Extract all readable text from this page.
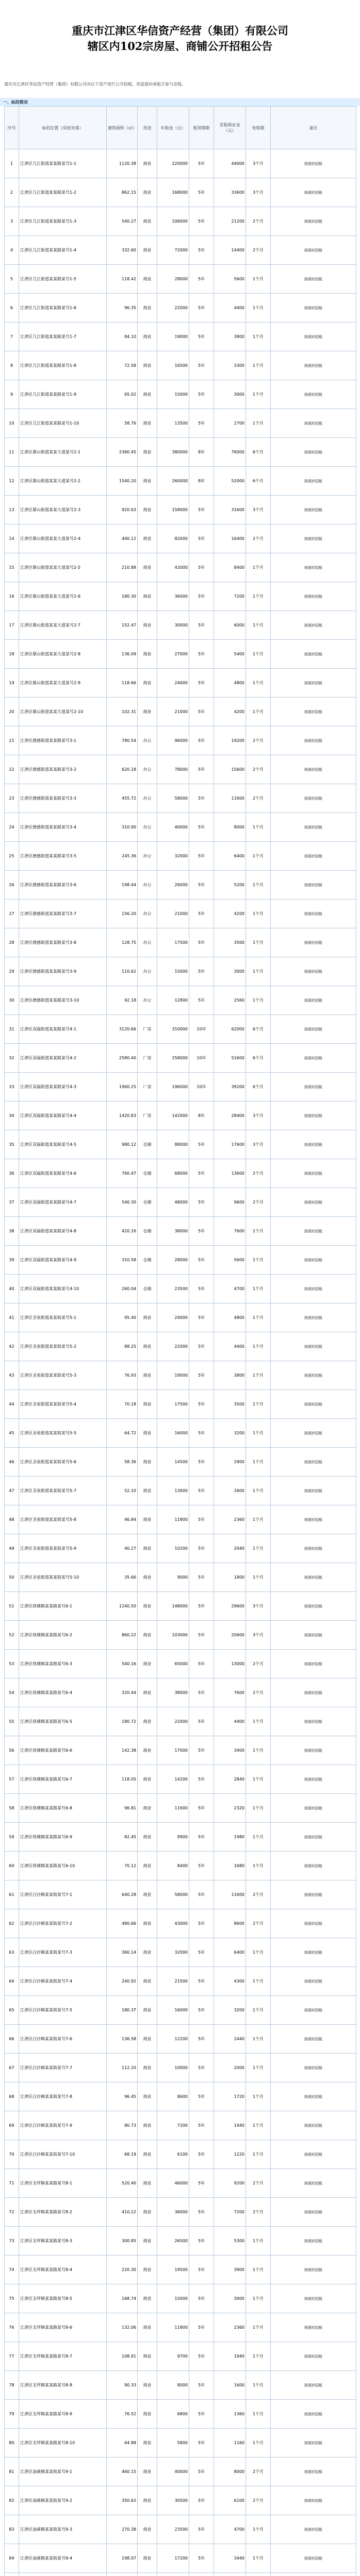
重庆市江津区华信资产经营（集团）有限公司
辖区内102宗房屋、商铺公开招租公告
重庆市江津区华信资产经营（集团）有限公司对以下资产进行公开招租，欢迎意向承租方参与竞租。
一、标的简况
序号	标的位置（房屋坐落）	建筑面积（㎡）	用途	年租金（元）	租赁期限	竞租保证金（元）	免租期	备注
1	江津区几江街道某某路某号1-1	1120.38	商业	220000	5年	44000	3个月	按现状招租
2	江津区几江街道某某路某号1-2	862.15	商业	168000	5年	33600	3个月	按现状招租
3	江津区几江街道某某路某号1-3	540.27	商业	106000	5年	21200	2个月	按现状招租
4	江津区几江街道某某路某号1-4	332.60	商业	72000	5年	14400	2个月	按现状招租
5	江津区几江街道某某路某号1-5	118.42	商业	28000	5年	5600	1个月	按现状招租
6	江津区几江街道某某路某号1-6	96.35	商业	22000	5年	4400	1个月	按现状招租
7	江津区几江街道某某路某号1-7	84.10	商业	19000	5年	3800	1个月	按现状招租
8	江津区几江街道某某路某号1-8	72.58	商业	16500	5年	3300	1个月	按现状招租
9	江津区几江街道某某路某号1-9	65.02	商业	15000	5年	3000	1个月	按现状招租
10	江津区几江街道某某路某号1-10	58.76	商业	13500	5年	2700	1个月	按现状招租
11	江津区鼎山街道某某大道某号2-1	2360.45	商业	380000	8年	76000	6个月	按现状招租
12	江津区鼎山街道某某大道某号2-2	1540.20	商业	260000	8年	52000	6个月	按现状招租
13	江津区鼎山街道某某大道某号2-3	920.63	商业	158000	5年	31600	3个月	按现状招租
14	江津区鼎山街道某某大道某号2-4	440.12	商业	82000	5年	16400	2个月	按现状招租
15	江津区鼎山街道某某大道某号2-5	210.88	商业	42000	5年	8400	1个月	按现状招租
16	江津区鼎山街道某某大道某号2-6	180.30	商业	36000	5年	7200	1个月	按现状招租
17	江津区鼎山街道某某大道某号2-7	152.47	商业	30000	5年	6000	1个月	按现状招租
18	江津区鼎山街道某某大道某号2-8	136.09	商业	27000	5年	5400	1个月	按现状招租
19	江津区鼎山街道某某大道某号2-9	118.66	商业	24000	5年	4800	1个月	按现状招租
20	江津区鼎山街道某某大道某号2-10	102.31	商业	21000	5年	4200	1个月	按现状招租
21	江津区德感街道某某路某号3-1	780.54	办公	96000	5年	19200	2个月	按现状招租
22	江津区德感街道某某路某号3-2	620.18	办公	78000	5年	15600	2个月	按现状招租
23	江津区德感街道某某路某号3-3	455.72	办公	58000	5年	11600	2个月	按现状招租
24	江津区德感街道某某路某号3-4	310.90	办公	40000	5年	8000	1个月	按现状招租
25	江津区德感街道某某路某号3-5	245.36	办公	32000	5年	6400	1个月	按现状招租
26	江津区德感街道某某路某号3-6	198.44	办公	26000	5年	5200	1个月	按现状招租
27	江津区德感街道某某路某号3-7	156.20	办公	21000	5年	4200	1个月	按现状招租
28	江津区德感街道某某路某号3-8	128.75	办公	17500	5年	3500	1个月	按现状招租
29	江津区德感街道某某路某号3-9	110.62	办公	15000	5年	3000	1个月	按现状招租
30	江津区德感街道某某路某号3-10	92.18	办公	12800	5年	2560	1个月	按现状招租
31	江津区双福街道某某路某号4-1	3120.66	厂房	310000	10年	62000	6个月	按现状招租
32	江津区双福街道某某路某号4-2	2580.40	厂房	258000	10年	51600	6个月	按现状招租
33	江津区双福街道某某路某号4-3	1960.25	厂房	196000	10年	39200	6个月	按现状招租
34	江津区双福街道某某路某号4-4	1420.83	厂房	142000	8年	28400	3个月	按现状招租
35	江津区双福街道某某路某号4-5	980.12	仓储	88000	5年	17600	3个月	按现状招租
36	江津区双福街道某某路某号4-6	760.47	仓储	68000	5年	13600	2个月	按现状招租
37	江津区双福街道某某路某号4-7	540.30	仓储	48000	5年	9600	2个月	按现状招租
38	江津区双福街道某某路某号4-8	420.16	仓储	38000	5年	7600	1个月	按现状招租
39	江津区双福街道某某路某号4-9	310.58	仓储	28000	5年	5600	1个月	按现状招租
40	江津区双福街道某某路某号4-10	260.04	仓储	23500	5年	4700	1个月	按现状招租
41	江津区圣泉街道某某街某号5-1	95.40	商业	24000	5年	4800	1个月	按现状招租
42	江津区圣泉街道某某街某号5-2	88.25	商业	22000	5年	4400	1个月	按现状招租
43	江津区圣泉街道某某街某号5-3	76.93	商业	19000	5年	3800	1个月	按现状招租
44	江津区圣泉街道某某街某号5-4	70.18	商业	17500	5年	3500	1个月	按现状招租
45	江津区圣泉街道某某街某号5-5	64.72	商业	16000	5年	3200	1个月	按现状招租
46	江津区圣泉街道某某街某号5-6	58.36	商业	14500	5年	2900	1个月	按现状招租
47	江津区圣泉街道某某街某号5-7	52.10	商业	13000	5年	2600	1个月	按现状招租
48	江津区圣泉街道某某街某号5-8	46.84	商业	11800	5年	2360	1个月	按现状招租
49	江津区圣泉街道某某街某号5-9	40.27	商业	10200	5年	2040	1个月	按现状招租
50	江津区圣泉街道某某街某号5-10	35.66	商业	9000	5年	1800	1个月	按现状招租
51	江津区珞璜镇某某路某号6-1	1240.50	商业	148000	5年	29600	3个月	按现状招租
52	江津区珞璜镇某某路某号6-2	860.22	商业	103000	5年	20600	3个月	按现状招租
53	江津区珞璜镇某某路某号6-3	540.16	商业	65000	5年	13000	2个月	按现状招租
54	江津区珞璜镇某某路某号6-4	320.44	商业	38000	5年	7600	2个月	按现状招租
55	江津区珞璜镇某某路某号6-5	180.72	商业	22000	5年	4400	1个月	按现状招租
56	江津区珞璜镇某某路某号6-6	142.38	商业	17000	5年	3400	1个月	按现状招租
57	江津区珞璜镇某某路某号6-7	118.05	商业	14200	5年	2840	1个月	按现状招租
58	江津区珞璜镇某某路某号6-8	96.81	商业	11600	5年	2320	1个月	按现状招租
59	江津区珞璜镇某某路某号6-9	82.45	商业	9900	5年	1980	1个月	按现状招租
60	江津区珞璜镇某某路某号6-10	70.12	商业	8400	5年	1680	1个月	按现状招租
61	江津区白沙镇某某街某号7-1	640.28	商业	58000	5年	11600	2个月	按现状招租
62	江津区白沙镇某某街某号7-2	480.66	商业	43000	5年	8600	2个月	按现状招租
63	江津区白沙镇某某街某号7-3	360.14	商业	32000	5年	6400	1个月	按现状招租
64	江津区白沙镇某某街某号7-4	240.92	商业	21500	5年	4300	1个月	按现状招租
65	江津区白沙镇某某街某号7-5	180.37	商业	16000	5年	3200	1个月	按现状招租
66	江津区白沙镇某某街某号7-6	136.58	商业	12200	5年	2440	1个月	按现状招租
67	江津区白沙镇某某街某号7-7	112.20	商业	10000	5年	2000	1个月	按现状招租
68	江津区白沙镇某某街某号7-8	96.45	商业	8600	5年	1720	1个月	按现状招租
69	江津区白沙镇某某街某号7-9	80.73	商业	7200	5年	1440	1个月	按现状招租
70	江津区白沙镇某某街某号7-10	68.19	商业	6100	5年	1220	1个月	按现状招租
71	江津区支坪镇某某路某号8-1	520.40	商业	46000	5年	9200	2个月	按现状招租
72	江津区支坪镇某某路某号8-2	410.22	商业	36000	5年	7200	2个月	按现状招租
73	江津区支坪镇某某路某号8-3	300.85	商业	26500	5年	5300	1个月	按现状招租
74	江津区支坪镇某某路某号8-4	220.30	商业	19500	5年	3900	1个月	按现状招租
75	江津区支坪镇某某路某号8-5	168.74	商业	15000	5年	3000	1个月	按现状招租
76	江津区支坪镇某某路某号8-6	132.06	商业	11800	5年	2360	1个月	按现状招租
77	江津区支坪镇某某路某号8-7	108.91	商业	9700	5年	1940	1个月	按现状招租
78	江津区支坪镇某某路某号8-8	90.33	商业	8000	5年	1600	1个月	按现状招租
79	江津区支坪镇某某路某号8-9	76.52	商业	6800	5年	1360	1个月	按现状招租
80	江津区支坪镇某某路某号8-10	64.88	商业	5800	5年	1160	1个月	按现状招租
81	江津区油溪镇某某街某号9-1	460.15	商业	40000	5年	8000	2个月	按现状招租
82	江津区油溪镇某某街某号9-2	350.62	商业	30500	5年	6100	2个月	按现状招租
83	江津区油溪镇某某街某号9-3	270.38	商业	23500	5年	4700	1个月	按现状招租
84	江津区油溪镇某某街某号9-4	198.07	商业	17200	5年	3440	1个月	按现状招租
